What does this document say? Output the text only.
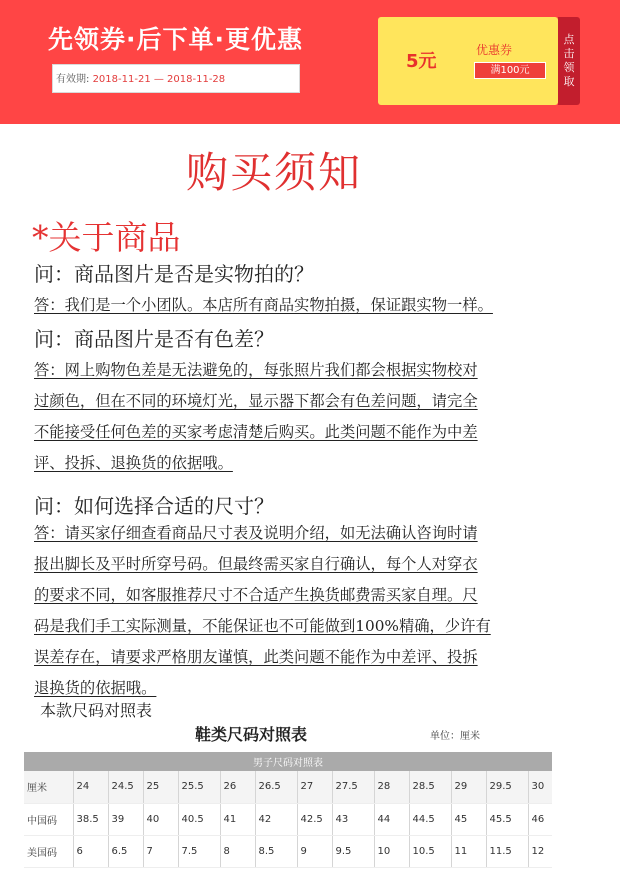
先领券·后下单·更优惠
有效期: 2018-11-21 — 2018-11-28
5元
优惠券
满100元
点
击
领
取
购买须知
*关于商品
问：商品图片是否是实物拍的？
答：我们是一个小团队。本店所有商品实物拍摄，保证跟实物一样。
问：商品图片是否有色差？
答：网上购物色差是无法避免的，每张照片我们都会根据实物校对
过颜色，但在不同的环境灯光，显示器下都会有色差问题，请完全
不能接受任何色差的买家考虑清楚后购买。此类问题不能作为中差
评、投拆、退换货的依据哦。
问：如何选择合适的尺寸？
答：请买家仔细查看商品尺寸表及说明介绍，如无法确认咨询时请
报出脚长及平时所穿号码。但最终需买家自行确认，每个人对穿衣
的要求不同，如客服推荐尺寸不合适产生换货邮费需买家自理。尺
码是我们手工实际测量，不能保证也不可能做到100%精确，少许有
误差存在，请要求严格朋友谨慎，此类问题不能作为中差评、投拆
退换货的依据哦。
本款尺码对照表
鞋类尺码对照表	单位：厘米
男子尺码对照表													
厘米	24	24.5	25	25.5	26	26.5	27	27.5	28	28.5	29	29.5	30
中国码	38.5	39	40	40.5	41	42	42.5	43	44	44.5	45	45.5	46
美国码	6	6.5	7	7.5	8	8.5	9	9.5	10	10.5	11	11.5	12
